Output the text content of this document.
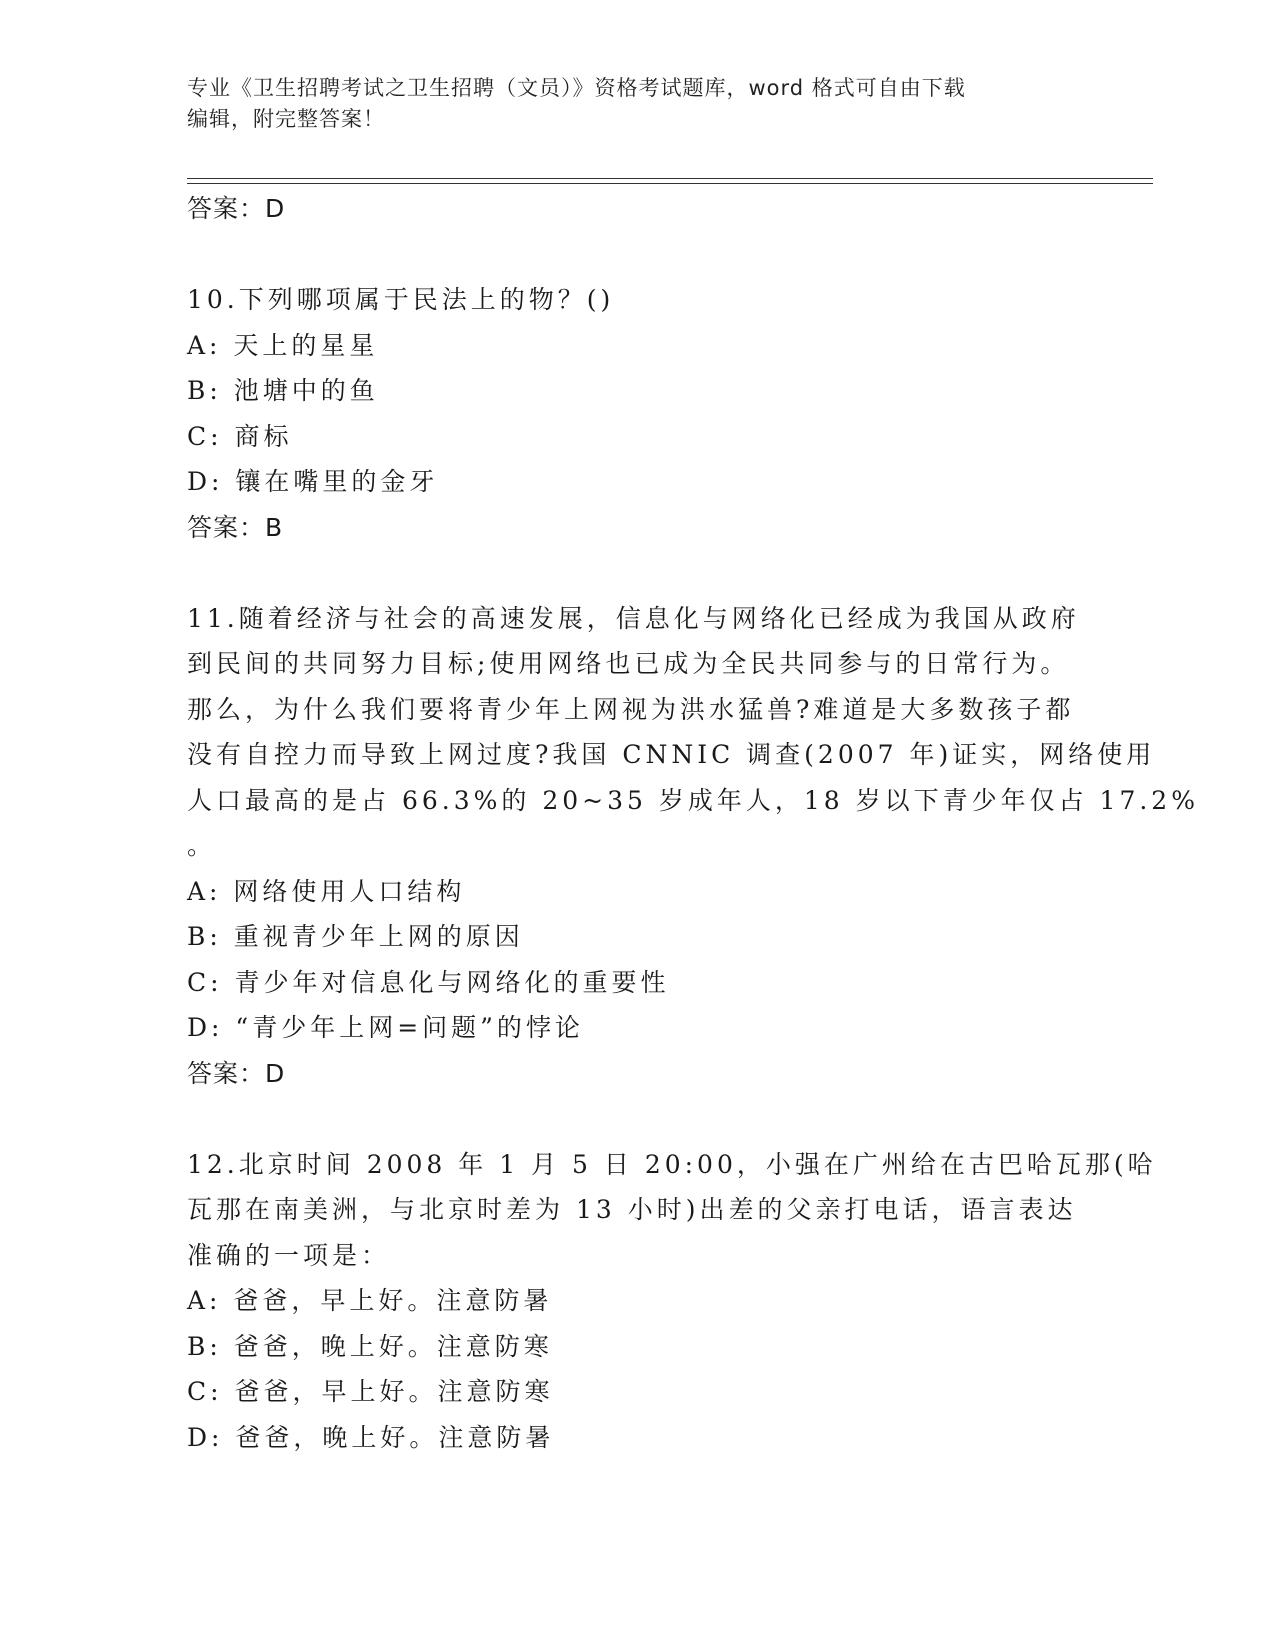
专业《卫生招聘考试之卫生招聘（文员）》资格考试题库，word 格式可自由下载
编辑，附完整答案！
答案：D
10.下列哪项属于民法上的物？()
A: 天上的星星
B: 池塘中的鱼
C: 商标
D: 镶在嘴里的金牙
答案：B
11.随着经济与社会的高速发展，信息化与网络化已经成为我国从政府
到民间的共同努力目标;使用网络也已成为全民共同参与的日常行为。
那么，为什么我们要将青少年上网视为洪水猛兽?难道是大多数孩子都
没有自控力而导致上网过度?我国 CNNIC 调查(2007 年)证实，网络使用
人口最高的是占 66.3%的 20~35 岁成年人，18 岁以下青少年仅占 17.2%
。
A: 网络使用人口结构
B: 重视青少年上网的原因
C: 青少年对信息化与网络化的重要性
D: “青少年上网=问题”的悖论
答案：D
12.北京时间 2008 年 1 月 5 日 20:00，小强在广州给在古巴哈瓦那(哈
瓦那在南美洲，与北京时差为 13 小时)出差的父亲打电话，语言表达
准确的一项是：
A: 爸爸，早上好。注意防暑
B: 爸爸，晚上好。注意防寒
C: 爸爸，早上好。注意防寒
D: 爸爸，晚上好。注意防暑
